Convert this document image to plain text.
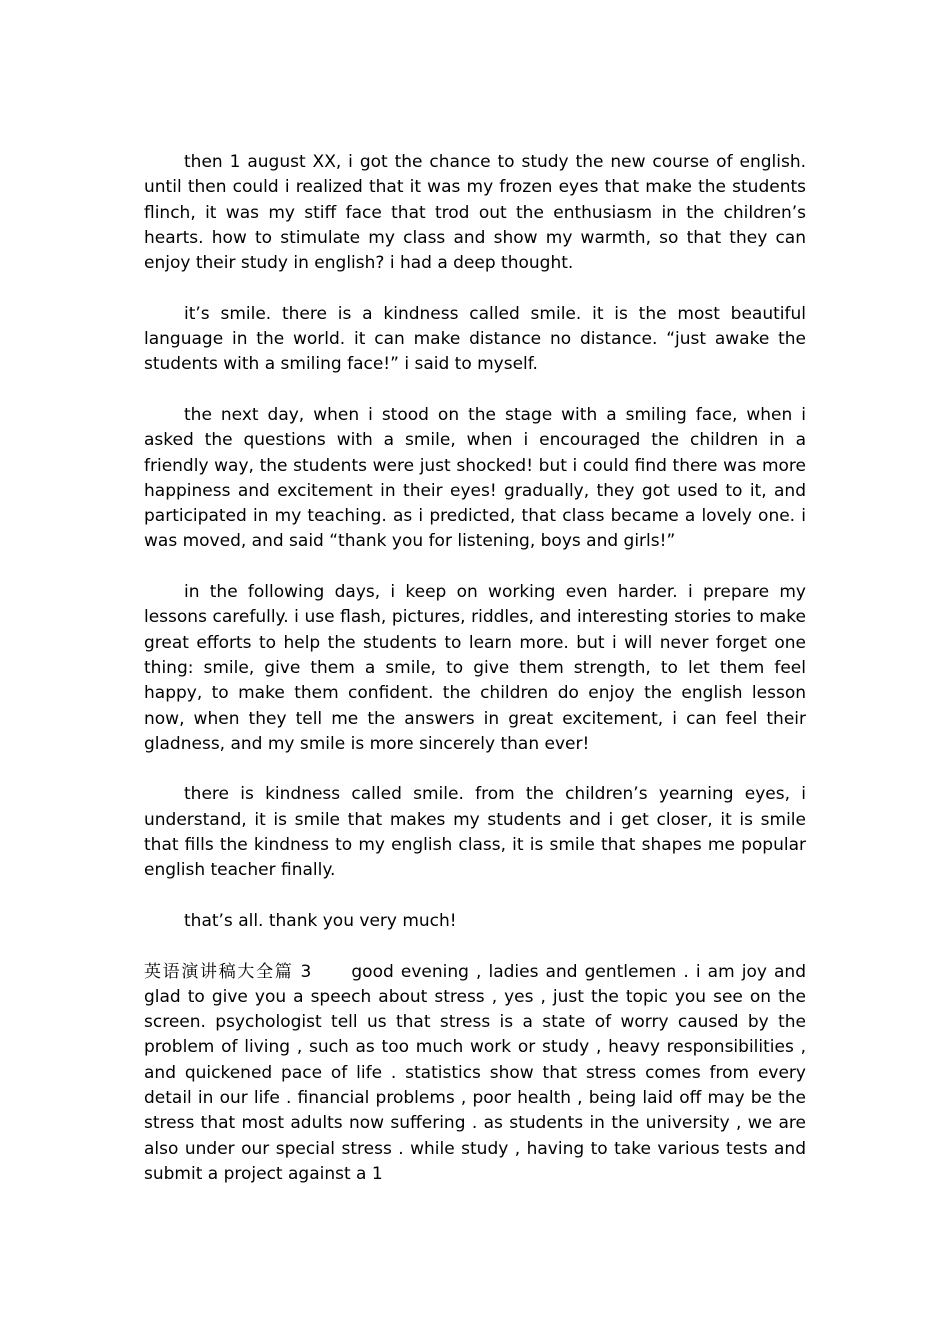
then 1 august XX, i got the chance to study the new course of english. until then could i realized that it was my frozen eyes that make the students flinch, it was my stiff face that trod out the enthusiasm in the children’s hearts. how to stimulate my class and show my warmth, so that they can enjoy their study in english? i had a deep thought.

it’s smile. there is a kindness called smile. it is the most beautiful language in the world. it can make distance no distance. “just awake the students with a smiling face!” i said to myself.

the next day, when i stood on the stage with a smiling face, when i asked the questions with a smile, when i encouraged the children in a friendly way, the students were just shocked! but i could find there was more happiness and excitement in their eyes! gradually, they got used to it, and participated in my teaching. as i predicted, that class became a lovely one. i was moved, and said “thank you for listening, boys and girls!”

in the following days, i keep on working even harder. i prepare my lessons carefully. i use flash, pictures, riddles, and interesting stories to make great efforts to help the students to learn more. but i will never forget one thing: smile, give them a smile, to give them strength, to let them feel happy, to make them confident. the children do enjoy the english lesson now, when they tell me the answers in great excitement, i can feel their gladness, and my smile is more sincerely than ever!

there is kindness called smile. from the children’s yearning eyes, i understand, it is smile that makes my students and i get closer, it is smile that fills the kindness to my english class, it is smile that shapes me popular english teacher finally.

that’s all. thank you very much!

英语演讲稿大全篇 3 good evening , ladies and gentlemen . i am joy and glad to give you a speech about stress , yes , just the topic you see on the screen. psychologist tell us that stress is a state of worry caused by the problem of living , such as too much work or study , heavy responsibilities , and quickened pace of life . statistics show that stress comes from every detail in our life . financial problems , poor health , being laid off may be the stress that most adults now suffering . as students in the university , we are also under our special stress . while study , having to take various tests and submit a project against a 1
